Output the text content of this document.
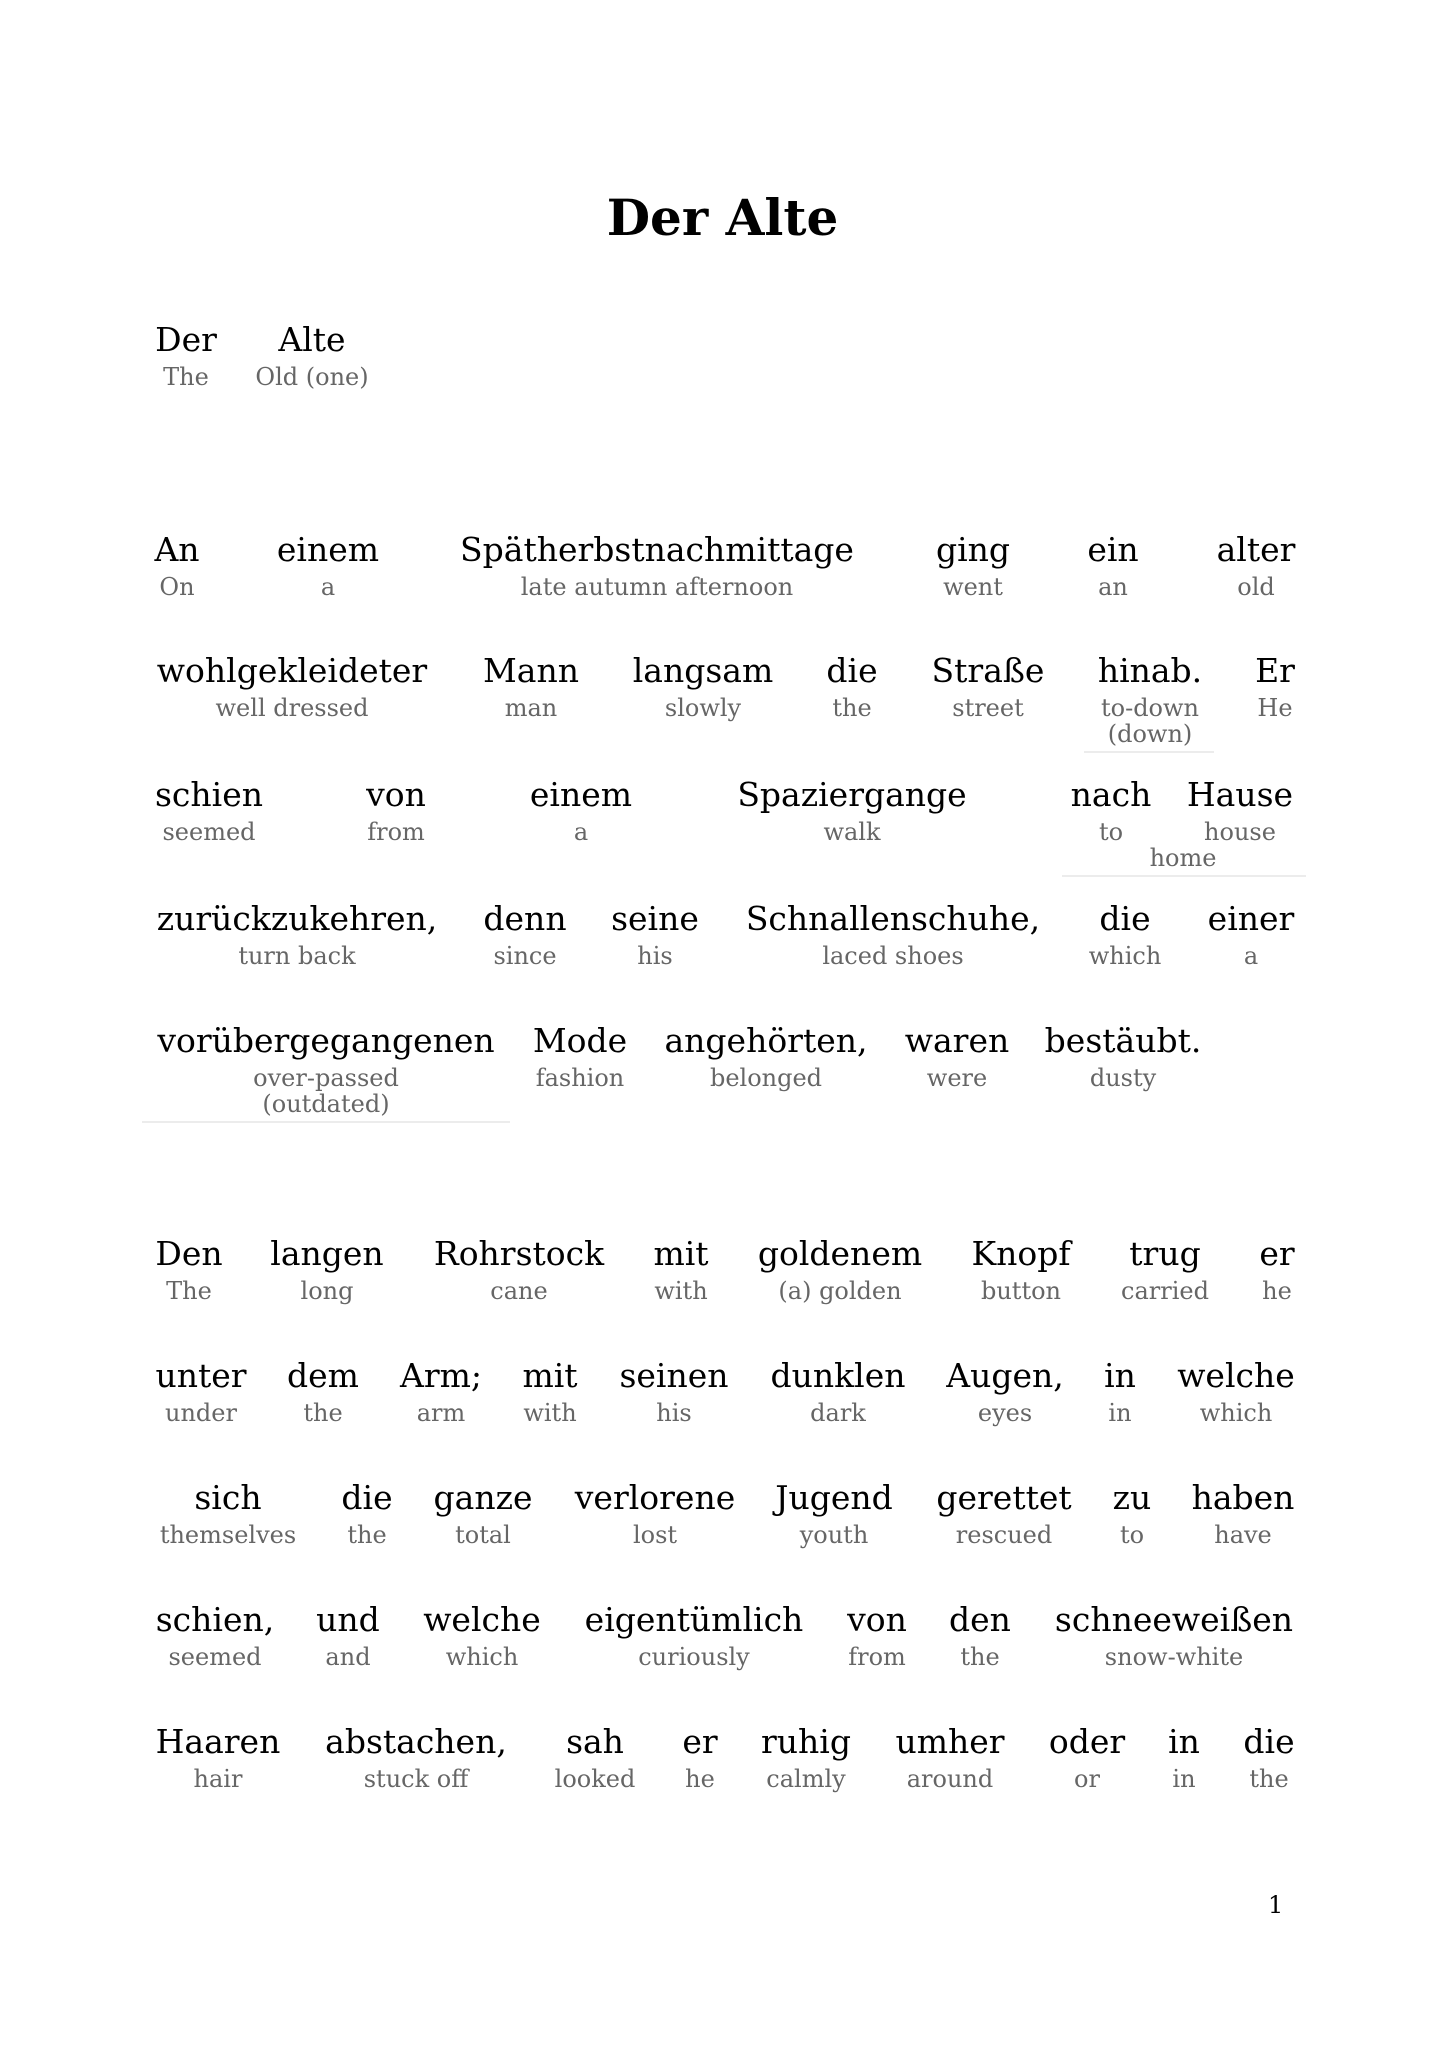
Der Alte
Der
The
Alte
Old (one)
An
On
einem
a
Spätherbstnachmittage
late autumn afternoon
ging
went
ein
an
alter
old
wohlgekleideter
well dressed
Mann
man
langsam
slowly
die
the
Straße
street
hinab.
to-down
Er
He
(down)
schien
seemed
von
from
einem
a
Spaziergange
walk
nach
to
Hause
house
home
zurückzukehren,
turn back
denn
since
seine
his
Schnallenschuhe,
laced shoes
die
which
einer
a
vorübergegangenen
over-passed
Mode
fashion
angehörten,
belonged
waren
were
bestäubt.
dusty
(outdated)
Den
The
langen
long
Rohrstock
cane
mit
with
goldenem
(a) golden
Knopf
button
trug
carried
er
he
unter
under
dem
the
Arm;
arm
mit
with
seinen
his
dunklen
dark
Augen,
eyes
in
in
welche
which
sich
themselves
die
the
ganze
total
verlorene
lost
Jugend
youth
gerettet
rescued
zu
to
haben
have
schien,
seemed
und
and
welche
which
eigentümlich
curiously
von
from
den
the
schneeweißen
snow-white
Haaren
hair
abstachen,
stuck off
sah
looked
er
he
ruhig
calmly
umher
around
oder
or
in
in
die
the
1
